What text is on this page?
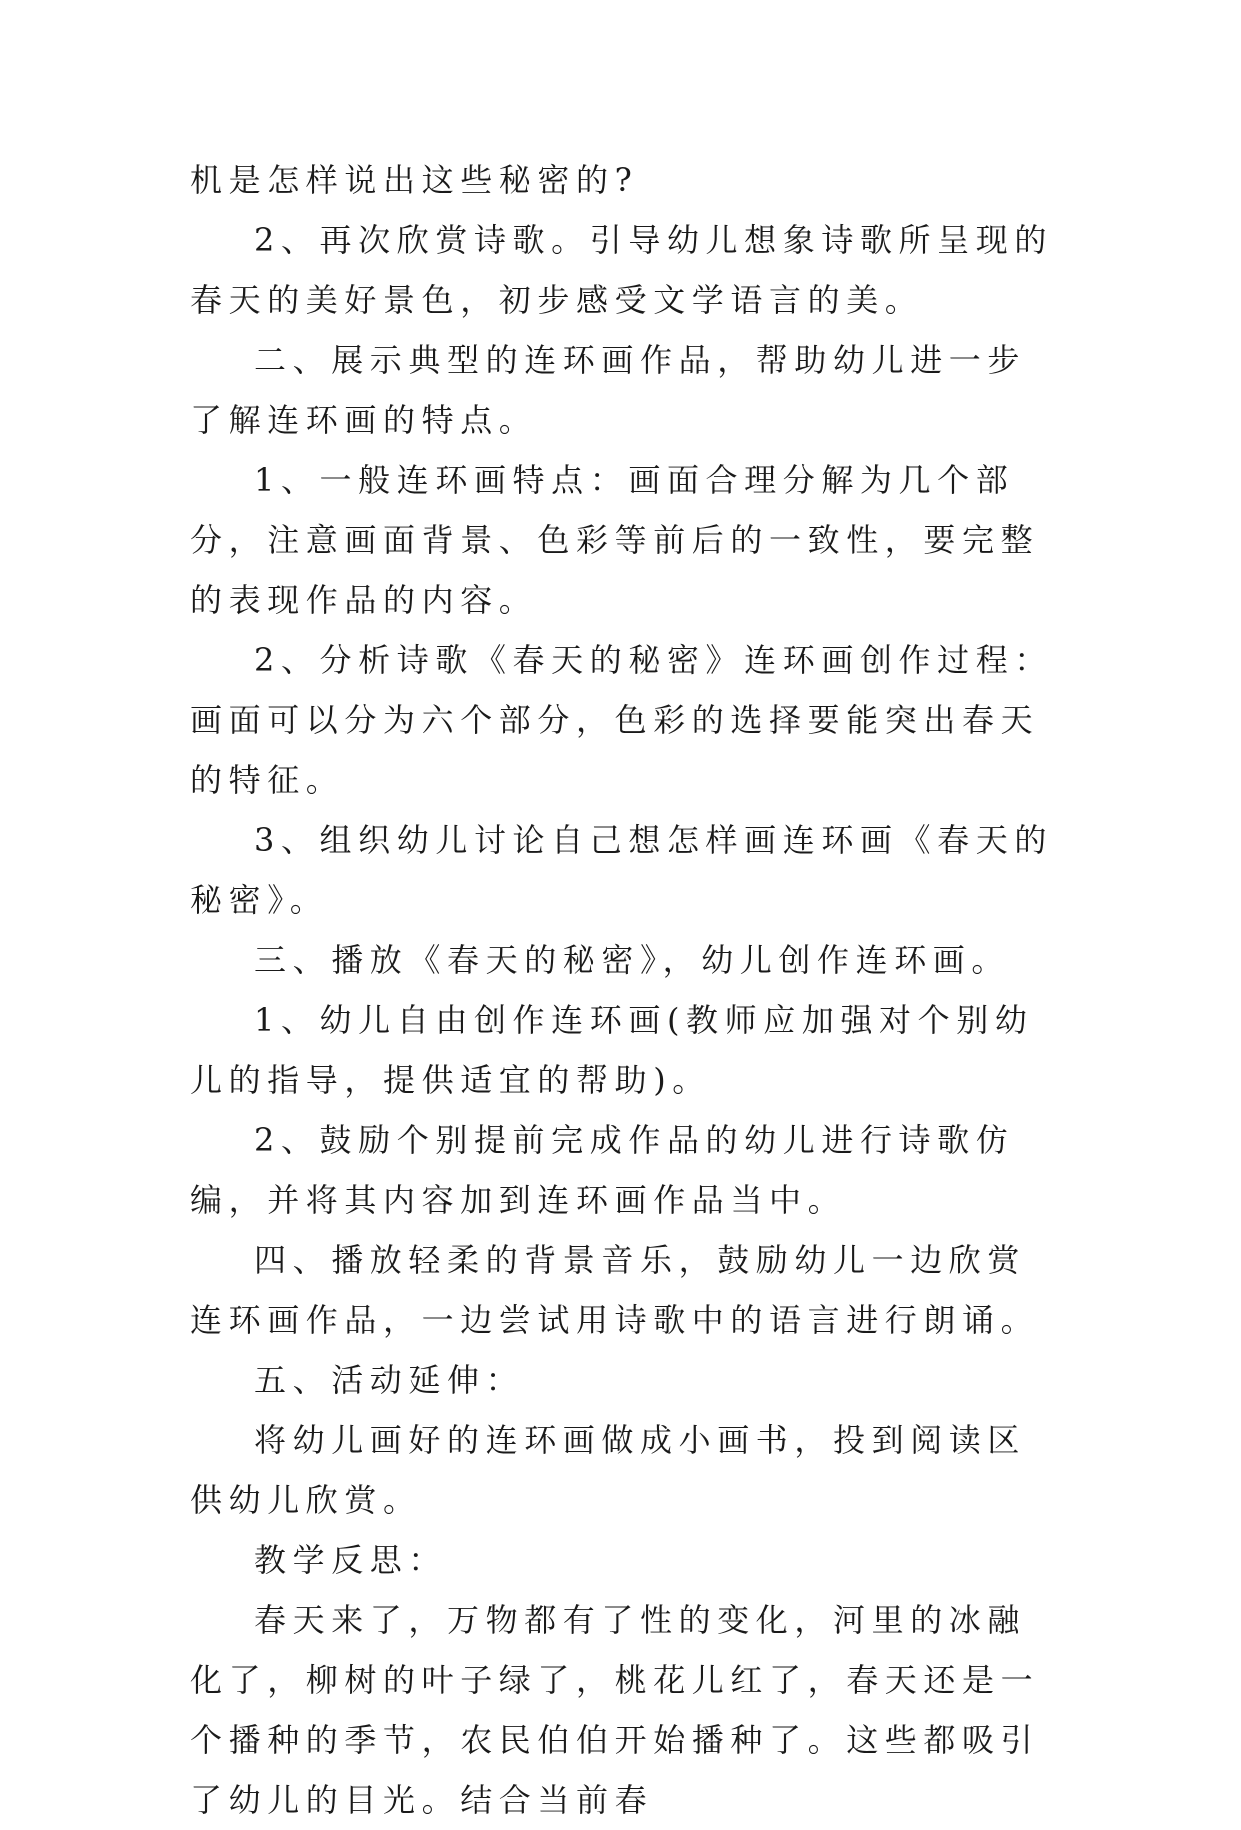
机是怎样说出这些秘密的?

2、再次欣赏诗歌。引导幼儿想象诗歌所呈现的春天的美好景色，初步感受文学语言的美。

二、展示典型的连环画作品，帮助幼儿进一步了解连环画的特点。

1、一般连环画特点：画面合理分解为几个部分，注意画面背景、色彩等前后的一致性，要完整的表现作品的内容。

2、分析诗歌《春天的秘密》连环画创作过程：画面可以分为六个部分，色彩的选择要能突出春天的特征。

3、组织幼儿讨论自己想怎样画连环画《春天的秘密》。

三、播放《春天的秘密》，幼儿创作连环画。

1、幼儿自由创作连环画(教师应加强对个别幼儿的指导，提供适宜的帮助)。

2、鼓励个别提前完成作品的幼儿进行诗歌仿编，并将其内容加到连环画作品当中。

四、播放轻柔的背景音乐，鼓励幼儿一边欣赏连环画作品，一边尝试用诗歌中的语言进行朗诵。

五、活动延伸：

将幼儿画好的连环画做成小画书，投到阅读区供幼儿欣赏。

教学反思：

春天来了，万物都有了性的变化，河里的冰融化了，柳树的叶子绿了，桃花儿红了，春天还是一个播种的季节，农民伯伯开始播种了。这些都吸引了幼儿的目光。结合当前春
